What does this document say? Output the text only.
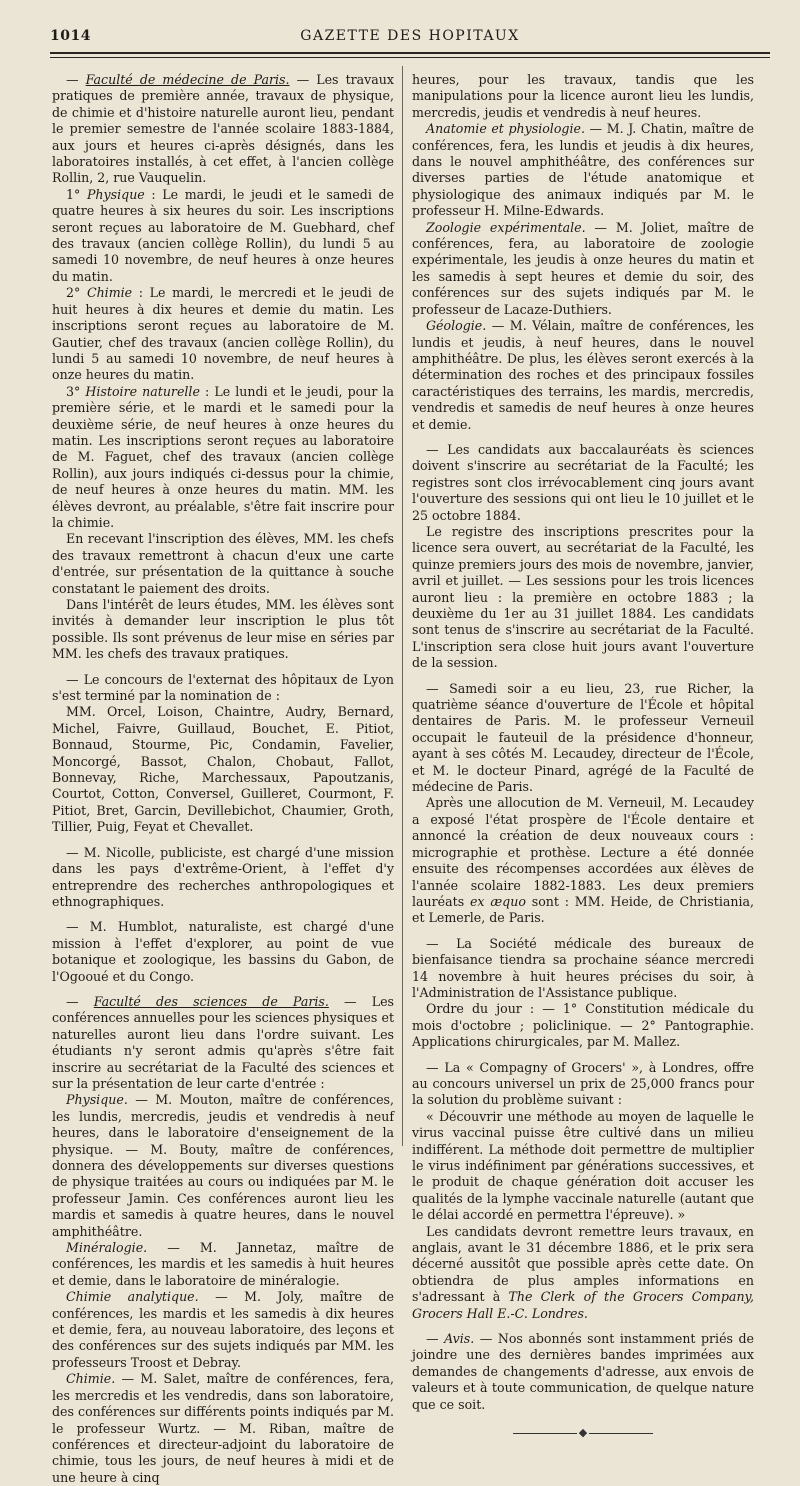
1014	GAZETTE DES HOPITAUX

— Faculté de médecine de Paris. — Les travaux pratiques de première année, travaux de physique, de chimie et d'histoire naturelle auront lieu, pendant le premier semestre de l'année scolaire 1883-1884, aux jours et heures ci-après désignés, dans les laboratoires installés, à cet effet, à l'ancien collège Rollin, 2, rue Vauquelin.

1° Physique : Le mardi, le jeudi et le samedi de quatre heures à six heures du soir. Les inscriptions seront reçues au laboratoire de M. Guebhard, chef des travaux (ancien collège Rollin), du lundi 5 au samedi 10 novembre, de neuf heures à onze heures du matin.

2° Chimie : Le mardi, le mercredi et le jeudi de huit heures à dix heures et demie du matin. Les inscriptions seront reçues au laboratoire de M. Gautier, chef des travaux (ancien collège Rollin), du lundi 5 au samedi 10 novembre, de neuf heures à onze heures du matin.

3° Histoire naturelle : Le lundi et le jeudi, pour la première série, et le mardi et le samedi pour la deuxième série, de neuf heures à onze heures du matin. Les inscriptions seront reçues au laboratoire de M. Faguet, chef des travaux (ancien collège Rollin), aux jours indiqués ci-dessus pour la chimie, de neuf heures à onze heures du matin. MM. les élèves devront, au préalable, s'être fait inscrire pour la chimie.

En recevant l'inscription des élèves, MM. les chefs des travaux remettront à chacun d'eux une carte d'entrée, sur présentation de la quittance à souche constatant le paiement des droits.

Dans l'intérêt de leurs études, MM. les élèves sont invités à demander leur inscription le plus tôt possible. Ils sont prévenus de leur mise en séries par MM. les chefs des travaux pratiques.

— Le concours de l'externat des hôpitaux de Lyon s'est terminé par la nomination de :

MM. Orcel, Loison, Chaintre, Audry, Bernard, Michel, Faivre, Guillaud, Bouchet, E. Pitiot, Bonnaud, Stourme, Pic, Condamin, Favelier, Moncorgé, Bassot, Chalon, Chobaut, Fallot, Bonnevay, Riche, Marchessaux, Papoutzanis, Courtot, Cotton, Conversel, Guilleret, Courmont, F. Pitiot, Bret, Garcin, Devillebichot, Chaumier, Groth, Tillier, Puig, Feyat et Chevallet.

— M. Nicolle, publiciste, est chargé d'une mission dans les pays d'extrême-Orient, à l'effet d'y entreprendre des recherches anthropologiques et ethnographiques.

— M. Humblot, naturaliste, est chargé d'une mission à l'effet d'explorer, au point de vue botanique et zoologique, les bassins du Gabon, de l'Ogooué et du Congo.

— Faculté des sciences de Paris. — Les conférences annuelles pour les sciences physiques et naturelles auront lieu dans l'ordre suivant. Les étudiants n'y seront admis qu'après s'être fait inscrire au secrétariat de la Faculté des sciences et sur la présentation de leur carte d'entrée :

Physique. — M. Mouton, maître de conférences, les lundis, mercredis, jeudis et vendredis à neuf heures, dans le laboratoire d'enseignement de la physique. — M. Bouty, maître de conférences, donnera des développements sur diverses questions de physique traitées au cours ou indiquées par M. le professeur Jamin. Ces conférences auront lieu les mardis et samedis à quatre heures, dans le nouvel amphithéâtre.

Minéralogie. — M. Jannetaz, maître de conférences, les mardis et les samedis à huit heures et demie, dans le laboratoire de minéralogie.

Chimie analytique. — M. Joly, maître de conférences, les mardis et les samedis à dix heures et demie, fera, au nouveau laboratoire, des leçons et des conférences sur des sujets indiqués par MM. les professeurs Troost et Debray.

Chimie. — M. Salet, maître de conférences, fera, les mercredis et les vendredis, dans son laboratoire, des conférences sur différents points indiqués par M. le professeur Wurtz. — M. Riban, maître de conférences et directeur-adjoint du laboratoire de chimie, tous les jours, de neuf heures à midi et de une heure à cinq

heures, pour les travaux, tandis que les manipulations pour la licence auront lieu les lundis, mercredis, jeudis et vendredis à neuf heures.

Anatomie et physiologie. — M. J. Chatin, maître de conférences, fera, les lundis et jeudis à dix heures, dans le nouvel amphithéâtre, des conférences sur diverses parties de l'étude anatomique et physiologique des animaux indiqués par M. le professeur H. Milne-Edwards.

Zoologie expérimentale. — M. Joliet, maître de conférences, fera, au laboratoire de zoologie expérimentale, les jeudis à onze heures du matin et les samedis à sept heures et demie du soir, des conférences sur des sujets indiqués par M. le professeur de Lacaze-Duthiers.

Géologie. — M. Vélain, maître de conférences, les lundis et jeudis, à neuf heures, dans le nouvel amphithéâtre. De plus, les élèves seront exercés à la détermination des roches et des principaux fossiles caractéristiques des terrains, les mardis, mercredis, vendredis et samedis de neuf heures à onze heures et demie.

— Les candidats aux baccalauréats ès sciences doivent s'inscrire au secrétariat de la Faculté; les registres sont clos irrévocablement cinq jours avant l'ouverture des sessions qui ont lieu le 10 juillet et le 25 octobre 1884.

Le registre des inscriptions prescrites pour la licence sera ouvert, au secrétariat de la Faculté, les quinze premiers jours des mois de novembre, janvier, avril et juillet. — Les sessions pour les trois licences auront lieu : la première en octobre 1883 ; la deuxième du 1er au 31 juillet 1884. Les candidats sont tenus de s'inscrire au secrétariat de la Faculté. L'inscription sera close huit jours avant l'ouverture de la session.

— Samedi soir a eu lieu, 23, rue Richer, la quatrième séance d'ouverture de l'École et hôpital dentaires de Paris. M. le professeur Verneuil occupait le fauteuil de la présidence d'honneur, ayant à ses côtés M. Lecaudey, directeur de l'École, et M. le docteur Pinard, agrégé de la Faculté de médecine de Paris.

Après une allocution de M. Verneuil, M. Lecaudey a exposé l'état prospère de l'École dentaire et annoncé la création de deux nouveaux cours : micrographie et prothèse. Lecture a été donnée ensuite des récompenses accordées aux élèves de l'année scolaire 1882-1883. Les deux premiers lauréats ex æquo sont : MM. Heide, de Christiania, et Lemerle, de Paris.

— La Société médicale des bureaux de bienfaisance tiendra sa prochaine séance mercredi 14 novembre à huit heures précises du soir, à l'Administration de l'Assistance publique.

Ordre du jour : — 1° Constitution médicale du mois d'octobre ; policlinique. — 2° Pantographie. Applications chirurgicales, par M. Mallez.

— La « Compagny of Grocers' », à Londres, offre au concours universel un prix de 25,000 francs pour la solution du problème suivant :

« Découvrir une méthode au moyen de laquelle le virus vaccinal puisse être cultivé dans un milieu indifférent. La méthode doit permettre de multiplier le virus indéfiniment par générations successives, et le produit de chaque génération doit accuser les qualités de la lymphe vaccinale naturelle (autant que le délai accordé en permettra l'épreuve). »

Les candidats devront remettre leurs travaux, en anglais, avant le 31 décembre 1886, et le prix sera décerné aussitôt que possible après cette date. On obtiendra de plus amples informations en s'adressant à The Clerk of the Grocers Company, Grocers Hall E.-C. Londres.

— Avis. — Nos abonnés sont instamment priés de joindre une des dernières bandes imprimées aux demandes de changements d'adresse, aux envois de valeurs et à toute communication, de quelque nature que ce soit.

◆
